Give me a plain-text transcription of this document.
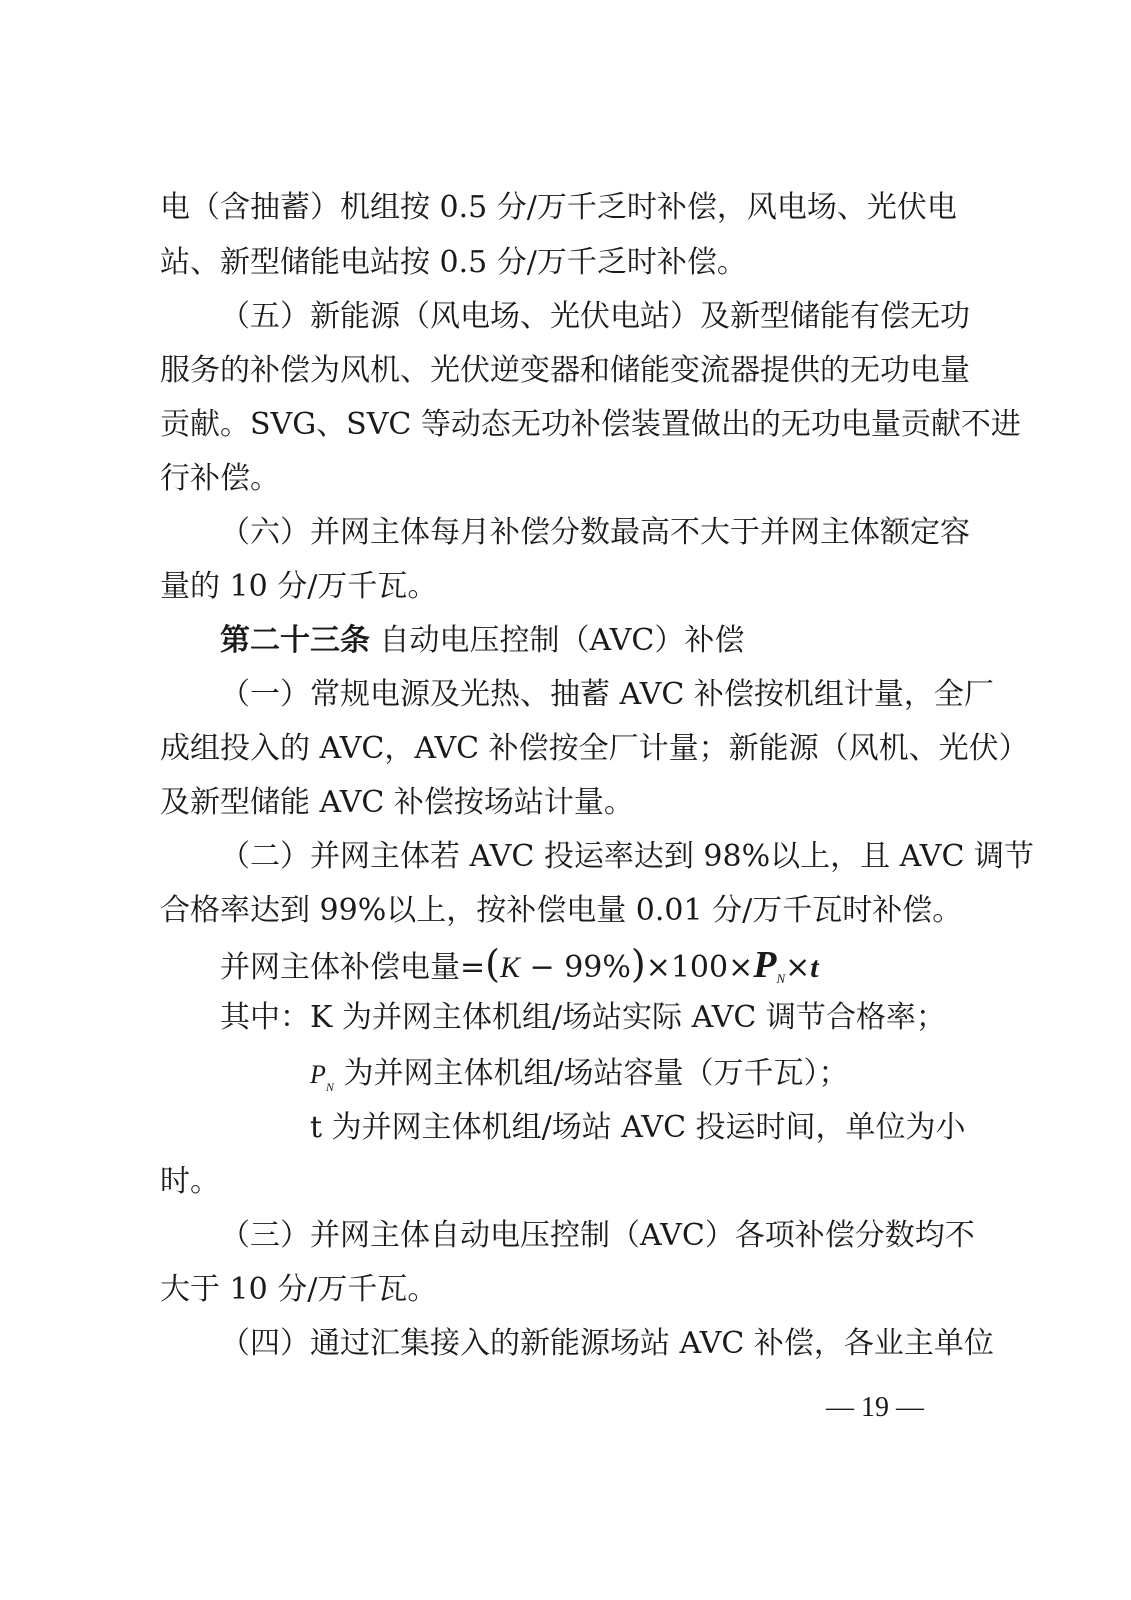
电（含抽蓄）机组按 0.5 分/万千乏时补偿，风电场、光伏电
站、新型储能电站按 0.5 分/万千乏时补偿。
（五）新能源（风电场、光伏电站）及新型储能有偿无功
服务的补偿为风机、光伏逆变器和储能变流器提供的无功电量
贡献。SVG、SVC 等动态无功补偿装置做出的无功电量贡献不进
行补偿。
（六）并网主体每月补偿分数最高不大于并网主体额定容
量的 10 分/万千瓦。
第二十三条 自动电压控制（AVC）补偿
（一）常规电源及光热、抽蓄 AVC 补偿按机组计量，全厂
成组投入的 AVC，AVC 补偿按全厂计量；新能源（风机、光伏）
及新型储能 AVC 补偿按场站计量。
（二）并网主体若 AVC 投运率达到 98%以上，且 AVC 调节
合格率达到 99%以上，按补偿电量 0.01 分/万千瓦时补偿。
并网主体补偿电量$=(K - 99\%)\times 100\times P_N\times t$
其中：K 为并网主体机组/场站实际 AVC 调节合格率；
$P_N$ 为并网主体机组/场站容量（万千瓦）；
t 为并网主体机组/场站 AVC 投运时间，单位为小
时。
（三）并网主体自动电压控制（AVC）各项补偿分数均不
大于 10 分/万千瓦。
（四）通过汇集接入的新能源场站 AVC 补偿，各业主单位
— 19 —
